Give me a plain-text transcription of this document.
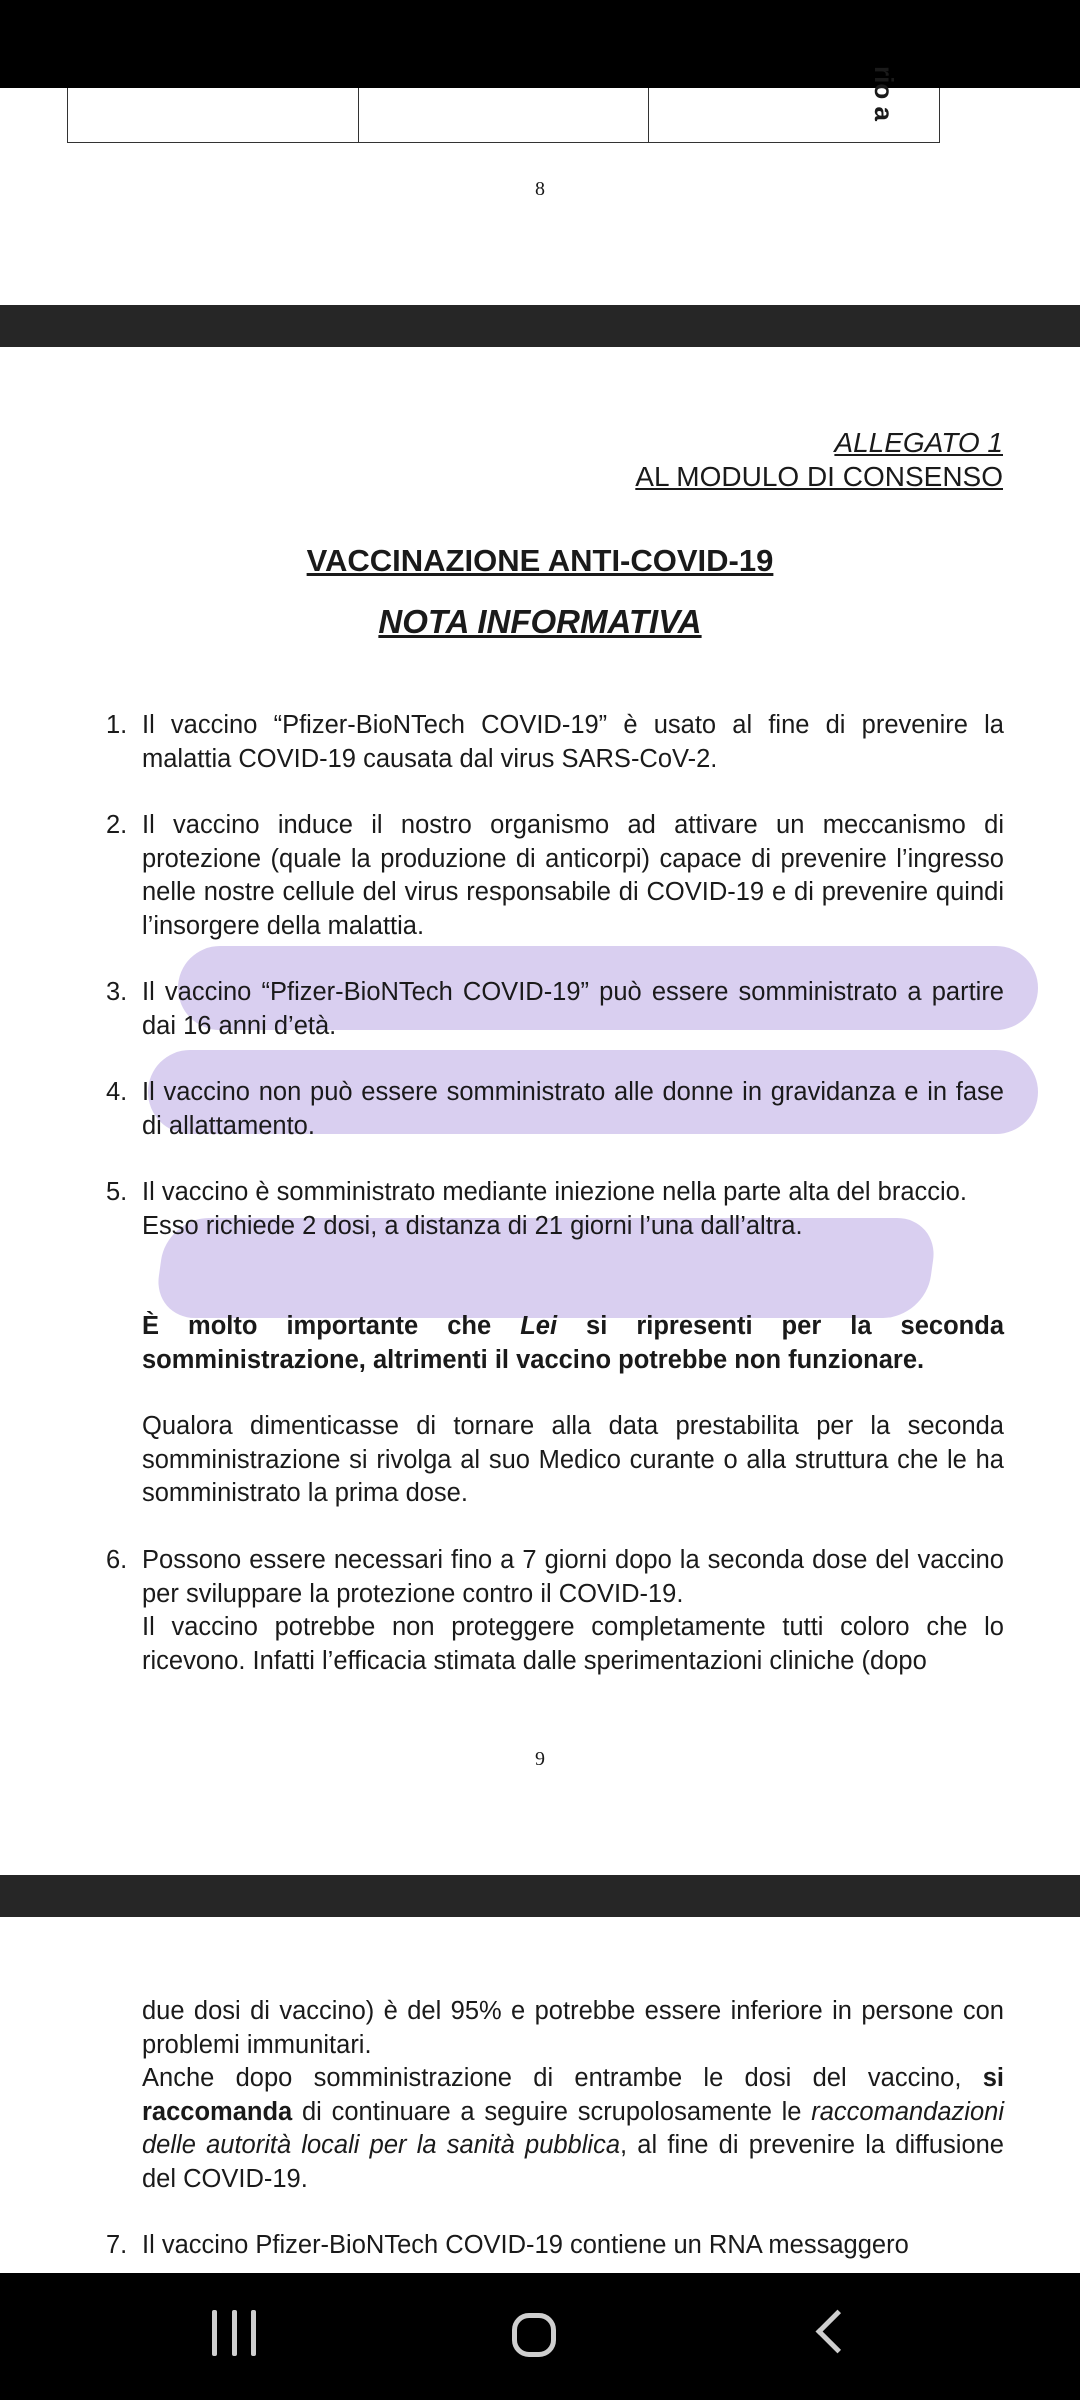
rio a
8
ALLEGATO 1
AL MODULO DI CONSENSO
VACCINAZIONE ANTI-COVID-19
NOTA INFORMATIVA
1. Il vaccino “Pfizer-BioNTech COVID-19” è usato al fine di prevenire la malattia COVID-19 causata dal virus SARS-CoV-2.
2. Il vaccino induce il nostro organismo ad attivare un meccanismo di protezione (quale la produzione di anticorpi) capace di prevenire l’ingresso nelle nostre cellule del virus responsabile di COVID-19 e di prevenire quindi l’insorgere della malattia.
3. Il vaccino “Pfizer-BioNTech COVID-19” può essere somministrato a partire dai 16 anni d’età.
4. Il vaccino non può essere somministrato alle donne in gravidanza e in fase di allattamento.
5. Il vaccino è somministrato mediante iniezione nella parte alta del braccio.
Esso richiede 2 dosi, a distanza di 21 giorni l’una dall’altra.
È molto importante che Lei si ripresenti per la seconda somministrazione, altrimenti il vaccino potrebbe non funzionare.
Qualora dimenticasse di tornare alla data prestabilita per la seconda somministrazione si rivolga al suo Medico curante o alla struttura che le ha somministrato la prima dose.
6. Possono essere necessari fino a 7 giorni dopo la seconda dose del vaccino per sviluppare la protezione contro il COVID-19.
Il vaccino potrebbe non proteggere completamente tutti coloro che lo ricevono. Infatti l’efficacia stimata dalle sperimentazioni cliniche (dopo
9
due dosi di vaccino) è del 95% e potrebbe essere inferiore in persone con problemi immunitari.
Anche dopo somministrazione di entrambe le dosi del vaccino, si raccomanda di continuare a seguire scrupolosamente le raccomandazioni delle autorità locali per la sanità pubblica, al fine di prevenire la diffusione del COVID-19.
7. Il vaccino Pfizer-BioNTech COVID-19 contiene un RNA messaggero
